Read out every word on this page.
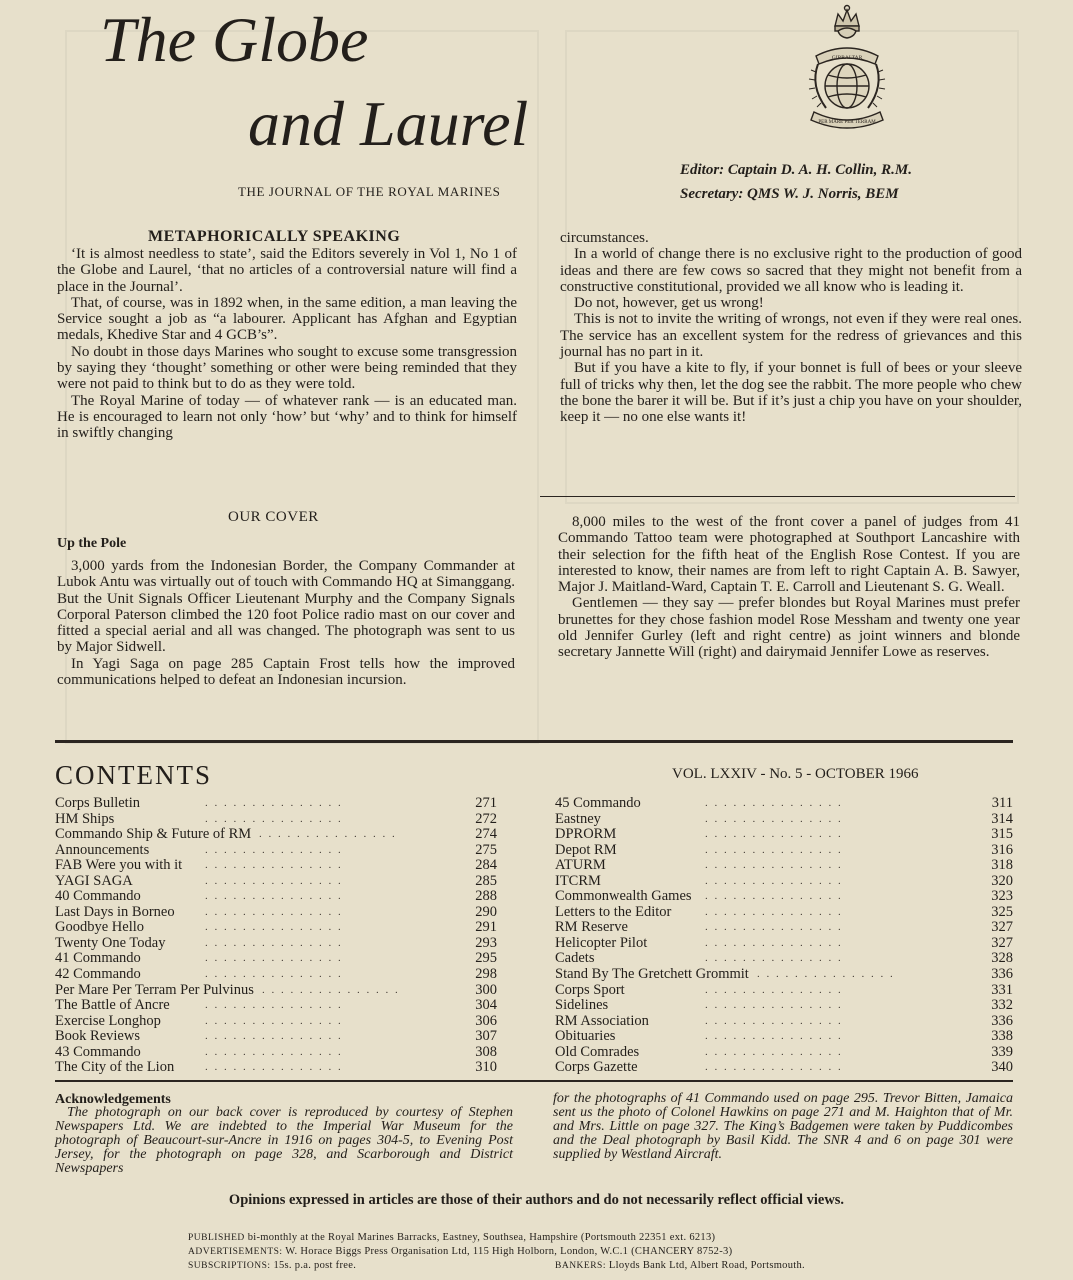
The Globe
and Laurel
THE JOURNAL OF THE ROYAL MARINES
Editor: Captain D. A. H. Collin, R.M.
Secretary: QMS W. J. Norris, BEM
GIBRALTAR
PER MARE PER TERRAM
METAPHORICALLY SPEAKING

‘It is almost needless to state’, said the Editors severely in Vol 1, No 1 of the Globe and Laurel, ‘that no articles of a controversial nature will find a place in the Journal’.

That, of course, was in 1892 when, in the same edition, a man leaving the Service sought a job as “a labourer. Applicant has Afghan and Egyptian medals, Khedive Star and 4 GCB’s”.

No doubt in those days Marines who sought to excuse some transgression by saying they ‘thought’ something or other were being reminded that they were not paid to think but to do as they were told.

The Royal Marine of today — of whatever rank — is an educated man. He is encouraged to learn not only ‘how’ but ‘why’ and to think for himself in swiftly changing

circumstances.

In a world of change there is no exclusive right to the production of good ideas and there are few cows so sacred that they might not benefit from a constructive constitutional, provided we all know who is leading it.

Do not, however, get us wrong!

This is not to invite the writing of wrongs, not even if they were real ones. The service has an excellent system for the redress of grievances and this journal has no part in it.

But if you have a kite to fly, if your bonnet is full of bees or your sleeve full of tricks why then, let the dog see the rabbit. The more people who chew the bone the barer it will be. But if it’s just a chip you have on your shoulder, keep it — no one else wants it!

OUR COVER
Up the Pole

3,000 yards from the Indonesian Border, the Company Commander at Lubok Antu was virtually out of touch with Commando HQ at Simanggang. But the Unit Signals Officer Lieutenant Murphy and the Company Signals Corporal Paterson climbed the 120 foot Police radio mast on our cover and fitted a special aerial and all was changed. The photograph was sent to us by Major Sidwell.

In Yagi Saga on page 285 Captain Frost tells how the improved communications helped to defeat an Indonesian incursion.

8,000 miles to the west of the front cover a panel of judges from 41 Commando Tattoo team were photographed at Southport Lancashire with their selection for the fifth heat of the English Rose Contest. If you are interested to know, their names are from left to right Captain A. B. Sawyer, Major J. Maitland-Ward, Captain T. E. Carroll and Lieutenant S. G. Weall.

Gentlemen — they say — prefer blondes but Royal Marines must prefer brunettes for they chose fashion model Rose Messham and twenty one year old Jennifer Gurley (left and right centre) as joint winners and blonde secretary Jannette Will (right) and dairymaid Jennifer Lowe as reserves.

CONTENTS	VOL. LXXIV - No. 5 - OCTOBER 1966
. . . . . . . . . . . . . . .
Corps Bulletin	271
. . . . . . . . . . . . . . .
HM Ships	272
. . . . . . . . . . . . . . .
Commando Ship & Future of RM	274
. . . . . . . . . . . . . . .
Announcements	275
. . . . . . . . . . . . . . .
FAB Were you with it	284
. . . . . . . . . . . . . . .
YAGI SAGA	285
. . . . . . . . . . . . . . .
40 Commando	288
. . . . . . . . . . . . . . .
Last Days in Borneo	290
. . . . . . . . . . . . . . .
Goodbye Hello	291
. . . . . . . . . . . . . . .
Twenty One Today	293
. . . . . . . . . . . . . . .
41 Commando	295
. . . . . . . . . . . . . . .
42 Commando	298
. . . . . . . . . . . . . . .
Per Mare Per Terram Per Pulvinus	300
. . . . . . . . . . . . . . .
The Battle of Ancre	304
. . . . . . . . . . . . . . .
Exercise Longhop	306
. . . . . . . . . . . . . . .
Book Reviews	307
. . . . . . . . . . . . . . .
43 Commando	308
. . . . . . . . . . . . . . .
The City of the Lion	310
. . . . . . . . . . . . . . .
45 Commando	311
. . . . . . . . . . . . . . .
Eastney	314
. . . . . . . . . . . . . . .
DPRORM	315
. . . . . . . . . . . . . . .
Depot RM	316
. . . . . . . . . . . . . . .
ATURM	318
. . . . . . . . . . . . . . .
ITCRM	320
. . . . . . . . . . . . . . .
Commonwealth Games	323
. . . . . . . . . . . . . . .
Letters to the Editor	325
. . . . . . . . . . . . . . .
RM Reserve	327
. . . . . . . . . . . . . . .
Helicopter Pilot	327
. . . . . . . . . . . . . . .
Cadets	328
. . . . . . . . . . . . . . .
Stand By The Gretchett Grommit	336
. . . . . . . . . . . . . . .
Corps Sport	331
. . . . . . . . . . . . . . .
Sidelines	332
. . . . . . . . . . . . . . .
RM Association	336
. . . . . . . . . . . . . . .
Obituaries	338
. . . . . . . . . . . . . . .
Old Comrades	339
. . . . . . . . . . . . . . .
Corps Gazette	340
Acknowledgements
The photograph on our back cover is reproduced by courtesy of Stephen Newspapers Ltd. We are indebted to the Imperial War Museum for the photograph of Beaucourt-sur-Ancre in 1916 on pages 304-5, to Evening Post Jersey, for the photograph on page 328, and Scarborough and District Newspapers
for the photographs of 41 Commando used on page 295. Trevor Bitten, Jamaica sent us the photo of Colonel Hawkins on page 271 and M. Haighton that of Mr. and Mrs. Little on page 327. The King’s Badgemen were taken by Puddicombes and the Deal photograph by Basil Kidd. The SNR 4 and 6 on page 301 were supplied by Westland Aircraft.
Opinions expressed in articles are those of their authors and do not necessarily reflect official views.
PUBLISHED bi-monthly at the Royal Marines Barracks, Eastney, Southsea, Hampshire (Portsmouth 22351 ext. 6213)
ADVERTISEMENTS: W. Horace Biggs Press Organisation Ltd, 115 High Holborn, London, W.C.1 (CHANCERY 8752-3)
SUBSCRIPTIONS: 15s. p.a. post free.	BANKERS: Lloyds Bank Ltd, Albert Road, Portsmouth.
